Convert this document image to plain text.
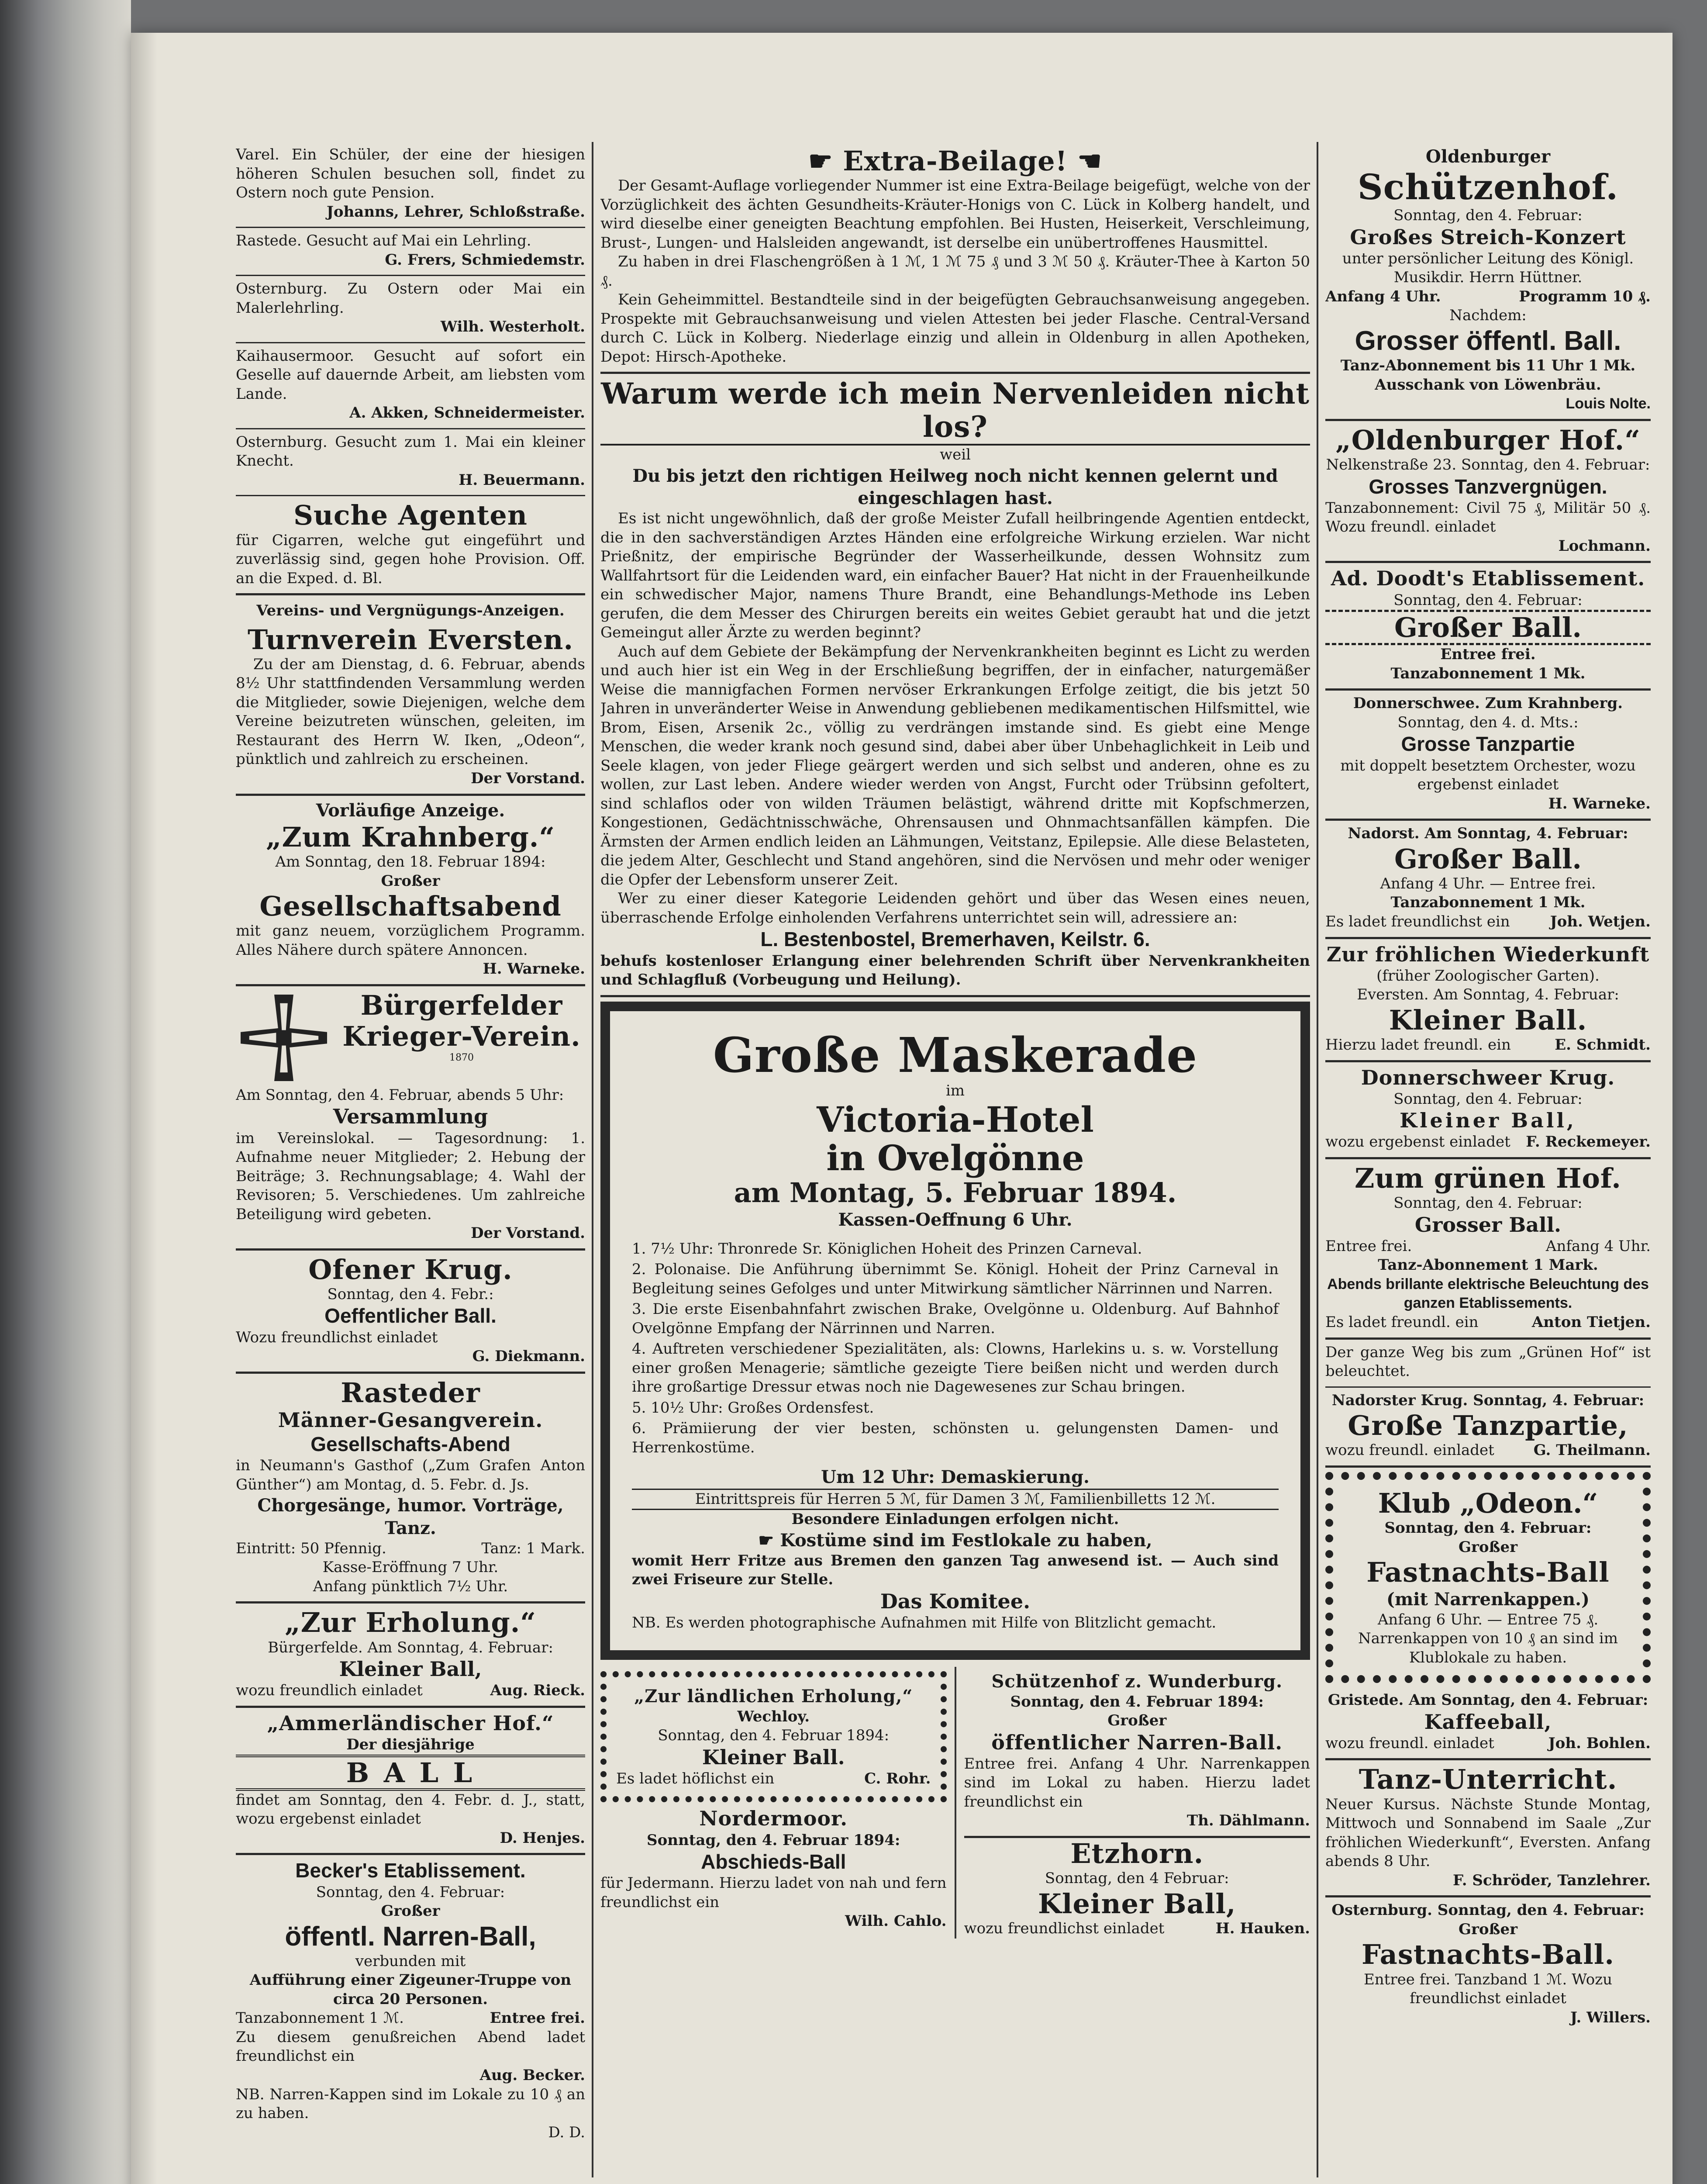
Varel. Ein Schüler, der eine der hiesigen höheren Schulen besuchen soll, findet zu Ostern noch gute Pension.
Johanns, Lehrer, Schloßstraße.
Rastede. Gesucht auf Mai ein Lehrling.
G. Frers, Schmiedemstr.
Osternburg. Zu Ostern oder Mai ein Malerlehrling.
Wilh. Westerholt.
Kaihausermoor. Gesucht auf sofort ein Geselle auf dauernde Arbeit, am liebsten vom Lande.
A. Akken, Schneidermeister.
Osternburg. Gesucht zum 1. Mai ein kleiner Knecht.
H. Beuermann.
Suche Agenten
für Cigarren, welche gut eingeführt und zuverlässig sind, gegen hohe Provision. Off. an die Exped. d. Bl.
Vereins- und Vergnügungs-Anzeigen.
Turnverein Eversten.
Zu der am Dienstag, d. 6. Februar, abends 8½ Uhr stattfindenden Versammlung werden die Mitglieder, sowie Diejenigen, welche dem Vereine beizutreten wünschen, geleiten, im Restaurant des Herrn W. Iken, „Odeon“, pünktlich und zahlreich zu erscheinen.
Der Vorstand.
Vorläufige Anzeige.
„Zum Krahnberg.“
Am Sonntag, den 18. Februar 1894:
Großer
Gesellschaftsabend
mit ganz neuem, vorzüglichem Programm. Alles Nähere durch spätere Annoncen.
H. Warneke.
Bürgerfelder
Krieger-Verein.
1870
Am Sonntag, den 4. Februar, abends 5 Uhr:
Versammlung
im Vereinslokal. — Tagesordnung: 1. Aufnahme neuer Mitglieder; 2. Hebung der Beiträge; 3. Rechnungsablage; 4. Wahl der Revisoren; 5. Verschiedenes. Um zahlreiche Beteiligung wird gebeten.
Der Vorstand.
Ofener Krug.
Sonntag, den 4. Febr.:
Oeffentlicher Ball.
Wozu freundlichst einladet
G. Diekmann.
Rasteder
Männer-Gesangverein.
Gesellschafts-Abend
in Neumann's Gasthof („Zum Grafen Anton Günther“) am Montag, d. 5. Febr. d. Js.
Chorgesänge, humor. Vorträge, Tanz.
Eintritt: 50 Pfennig.	Tanz: 1 Mark.
Kasse-Eröffnung 7 Uhr.
Anfang pünktlich 7½ Uhr.
„Zur Erholung.“
Bürgerfelde. Am Sonntag, 4. Februar:
Kleiner Ball,
wozu freundlich einladet	Aug. Rieck.
„Ammerländischer Hof.“
Der diesjährige
B A L L
findet am Sonntag, den 4. Febr. d. J., statt, wozu ergebenst einladet
D. Henjes.
Becker's Etablissement.
Sonntag, den 4. Februar:
Großer
öffentl. Narren-Ball,
verbunden mit
Aufführung einer Zigeuner-Truppe von circa 20 Personen.
Tanzabonnement 1 ℳ.	Entree frei.
Zu diesem genußreichen Abend ladet freundlichst ein
Aug. Becker.
NB. Narren-Kappen sind im Lokale zu 10 ₰ an zu haben.
D. D.
☛ Extra-Beilage! ☚
Der Gesamt-Auflage vorliegender Nummer ist eine Extra-Beilage beigefügt, welche von der Vorzüglichkeit des ächten Gesundheits-Kräuter-Honigs von C. Lück in Kolberg handelt, und wird dieselbe einer geneigten Beachtung empfohlen. Bei Husten, Heiserkeit, Verschleimung, Brust-, Lungen- und Halsleiden angewandt, ist derselbe ein unübertroffenes Hausmittel.
Zu haben in drei Flaschengrößen à 1 ℳ, 1 ℳ 75 ₰ und 3 ℳ 50 ₰. Kräuter-Thee à Karton 50 ₰.
Kein Geheimmittel. Bestandteile sind in der beigefügten Gebrauchsanweisung angegeben. Prospekte mit Gebrauchsanweisung und vielen Attesten bei jeder Flasche. Central-Versand durch C. Lück in Kolberg. Niederlage einzig und allein in Oldenburg in allen Apotheken, Depot: Hirsch-Apotheke.
Warum werde ich mein Nervenleiden nicht los?
weil
Du bis jetzt den richtigen Heilweg noch nicht kennen gelernt und eingeschlagen hast.
Es ist nicht ungewöhnlich, daß der große Meister Zufall heilbringende Agentien entdeckt, die in den sachverständigen Arztes Händen eine erfolgreiche Wirkung erzielen. War nicht Prießnitz, der empirische Begründer der Wasserheilkunde, dessen Wohnsitz zum Wallfahrtsort für die Leidenden ward, ein einfacher Bauer? Hat nicht in der Frauenheilkunde ein schwedischer Major, namens Thure Brandt, eine Behandlungs-Methode ins Leben gerufen, die dem Messer des Chirurgen bereits ein weites Gebiet geraubt hat und die jetzt Gemeingut aller Ärzte zu werden beginnt?
Auch auf dem Gebiete der Bekämpfung der Nervenkrankheiten beginnt es Licht zu werden und auch hier ist ein Weg in der Erschließung begriffen, der in einfacher, naturgemäßer Weise die mannigfachen Formen nervöser Erkrankungen Erfolge zeitigt, die bis jetzt 50 Jahren in unveränderter Weise in Anwendung gebliebenen medikamentischen Hilfsmittel, wie Brom, Eisen, Arsenik 2c., völlig zu verdrängen imstande sind. Es giebt eine Menge Menschen, die weder krank noch gesund sind, dabei aber über Unbehaglichkeit in Leib und Seele klagen, von jeder Fliege geärgert werden und sich selbst und anderen, ohne es zu wollen, zur Last leben. Andere wieder werden von Angst, Furcht oder Trübsinn gefoltert, sind schlaflos oder von wilden Träumen belästigt, während dritte mit Kopfschmerzen, Kongestionen, Gedächtnisschwäche, Ohrensausen und Ohnmachtsanfällen kämpfen. Die Ärmsten der Armen endlich leiden an Lähmungen, Veitstanz, Epilepsie. Alle diese Belasteten, die jedem Alter, Geschlecht und Stand angehören, sind die Nervösen und mehr oder weniger die Opfer der Lebensform unserer Zeit.
Wer zu einer dieser Kategorie Leidenden gehört und über das Wesen eines neuen, überraschende Erfolge einholenden Verfahrens unterrichtet sein will, adressiere an:
L. Bestenbostel, Bremerhaven, Keilstr. 6.
behufs kostenloser Erlangung einer belehrenden Schrift über Nervenkrankheiten und Schlagfluß (Vorbeugung und Heilung).
Große Maskerade
im
Victoria-Hotel
in Ovelgönne
am Montag, 5. Februar 1894.
Kassen-Oeffnung 6 Uhr.
1. 7½ Uhr: Thronrede Sr. Königlichen Hoheit des Prinzen Carneval.
2. Polonaise. Die Anführung übernimmt Se. Königl. Hoheit der Prinz Carneval in Begleitung seines Gefolges und unter Mitwirkung sämtlicher Närrinnen und Narren.
3. Die erste Eisenbahnfahrt zwischen Brake, Ovelgönne u. Oldenburg. Auf Bahnhof Ovelgönne Empfang der Närrinnen und Narren.
4. Auftreten verschiedener Spezialitäten, als: Clowns, Harlekins u. s. w. Vorstellung einer großen Menagerie; sämtliche gezeigte Tiere beißen nicht und werden durch ihre großartige Dressur etwas noch nie Dagewesenes zur Schau bringen.
5. 10½ Uhr: Großes Ordensfest.
6. Prämiierung der vier besten, schönsten u. gelungensten Damen- und Herrenkostüme.
Um 12 Uhr: Demaskierung.
Eintrittspreis für Herren 5 ℳ, für Damen 3 ℳ, Familienbilletts 12 ℳ.
Besondere Einladungen erfolgen nicht.
☛ Kostüme sind im Festlokale zu haben,
womit Herr Fritze aus Bremen den ganzen Tag anwesend ist. — Auch sind zwei Friseure zur Stelle.
Das Komitee.
NB. Es werden photographische Aufnahmen mit Hilfe von Blitzlicht gemacht.
„Zur ländlichen Erholung,“
Wechloy.
Sonntag, den 4. Februar 1894:
Kleiner Ball.
Es ladet höflichst ein	C. Rohr.
Nordermoor.
Sonntag, den 4. Februar 1894:
Abschieds-Ball
für Jedermann. Hierzu ladet von nah und fern freundlichst ein
Wilh. Cahlo.
Schützenhof z. Wunderburg.
Sonntag, den 4. Februar 1894:
Großer
öffentlicher Narren-Ball.
Entree frei. Anfang 4 Uhr. Narrenkappen sind im Lokal zu haben. Hierzu ladet freundlichst ein
Th. Dählmann.
Etzhorn.
Sonntag, den 4 Februar:
Kleiner Ball,
wozu freundlichst einladet	H. Hauken.
Oldenburger
Schützenhof.
Sonntag, den 4. Februar:
Großes Streich-Konzert
unter persönlicher Leitung des Königl. Musikdir. Herrn Hüttner.
Anfang 4 Uhr.	Programm 10 ₰.
Nachdem:
Grosser öffentl. Ball.
Tanz-Abonnement bis 11 Uhr 1 Mk.
Ausschank von Löwenbräu.
Louis Nolte.
„Oldenburger Hof.“
Nelkenstraße 23. Sonntag, den 4. Februar:
Grosses Tanzvergnügen.
Tanzabonnement: Civil 75 ₰, Militär 50 ₰. Wozu freundl. einladet
Lochmann.
Ad. Doodt's Etablissement.
Sonntag, den 4. Februar:
Großer Ball.
Entree frei.
Tanzabonnement 1 Mk.
Donnerschwee. Zum Krahnberg.
Sonntag, den 4. d. Mts.:
Grosse Tanzpartie
mit doppelt besetztem Orchester, wozu ergebenst einladet
H. Warneke.
Nadorst. Am Sonntag, 4. Februar:
Großer Ball.
Anfang 4 Uhr. — Entree frei.
Tanzabonnement 1 Mk.
Es ladet freundlichst ein	Joh. Wetjen.
Zur fröhlichen Wiederkunft
(früher Zoologischer Garten).
Eversten. Am Sonntag, 4. Februar:
Kleiner Ball.
Hierzu ladet freundl. ein	E. Schmidt.
Donnerschweer Krug.
Sonntag, den 4. Februar:
Kleiner Ball,
wozu ergebenst einladet F. Reckemeyer.
Zum grünen Hof.
Sonntag, den 4. Februar:
Grosser Ball.
Entree frei.	Anfang 4 Uhr.
Tanz-Abonnement 1 Mark.
Abends brillante elektrische Beleuchtung des ganzen Etablissements.
Es ladet freundl. ein	Anton Tietjen.
Der ganze Weg bis zum „Grünen Hof“ ist beleuchtet.
Nadorster Krug. Sonntag, 4. Februar:
Große Tanzpartie,
wozu freundl. einladet	G. Theilmann.
Klub „Odeon.“
Sonntag, den 4. Februar:
Großer
Fastnachts-Ball
(mit Narrenkappen.)
Anfang 6 Uhr. — Entree 75 ₰.
Narrenkappen von 10 ₰ an sind im Klublokale zu haben.
Gristede. Am Sonntag, den 4. Februar:
Kaffeeball,
wozu freundl. einladet	Joh. Bohlen.
Tanz-Unterricht.
Neuer Kursus. Nächste Stunde Montag, Mittwoch und Sonnabend im Saale „Zur fröhlichen Wiederkunft“, Eversten. Anfang abends 8 Uhr.
F. Schröder, Tanzlehrer.
Osternburg. Sonntag, den 4. Februar:
Großer
Fastnachts-Ball.
Entree frei. Tanzband 1 ℳ. Wozu freundlichst einladet
J. Willers.
